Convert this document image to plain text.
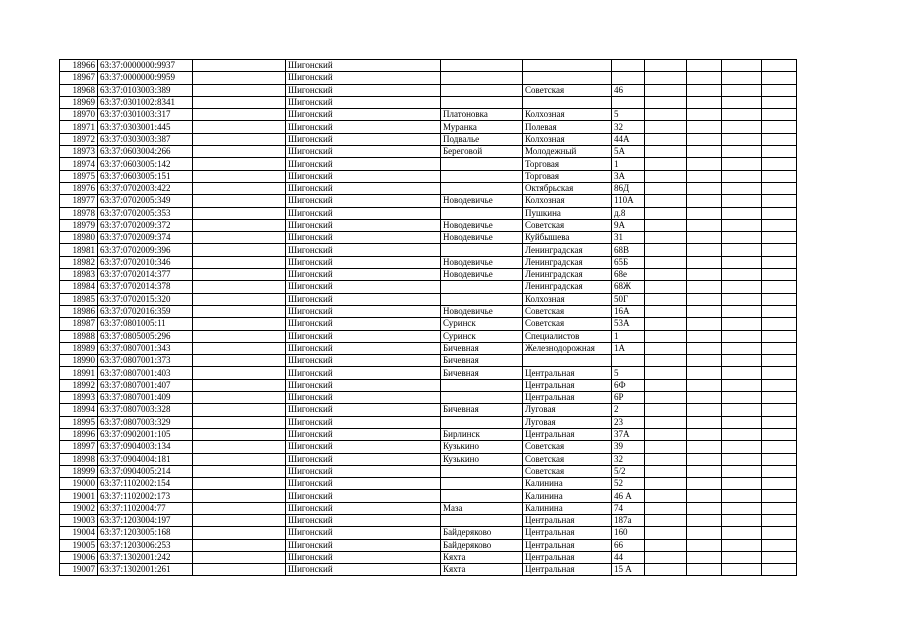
18966	63:37:0000000:9937		Шигонский							
18967	63:37:0000000:9959		Шигонский							
18968	63:37:0103003:389		Шигонский		Советская	46				
18969	63:37:0301002:8341		Шигонский							
18970	63:37:0301003:317		Шигонский	Платоновка	Колхозная	5				
18971	63:37:0303001:445		Шигонский	Муранка	Полевая	32				
18972	63:37:0303003:387		Шигонский	Подвалье	Колхозная	44А				
18973	63:37:0603004:266		Шигонский	Береговой	Молодежный	5А				
18974	63:37:0603005:142		Шигонский		Торговая	1				
18975	63:37:0603005:151		Шигонский		Торговая	3А				
18976	63:37:0702003:422		Шигонский		Октябрьская	86Д				
18977	63:37:0702005:349		Шигонский	Новодевичье	Колхозная	110А				
18978	63:37:0702005:353		Шигонский		Пушкина	д.8				
18979	63:37:0702009:372		Шигонский	Новодевичье	Советская	9А				
18980	63:37:0702009:374		Шигонский	Новодевичье	Куйбышева	31				
18981	63:37:0702009:396		Шигонский		Ленинградская	68В				
18982	63:37:0702010:346		Шигонский	Новодевичье	Ленинградская	65Б				
18983	63:37:0702014:377		Шигонский	Новодевичье	Ленинградская	68е				
18984	63:37:0702014:378		Шигонский		Ленинградская	68Ж				
18985	63:37:0702015:320		Шигонский		Колхозная	50Г				
18986	63:37:0702016:359		Шигонский	Новодевичье	Советская	16А				
18987	63:37:0801005:11		Шигонский	Суринск	Советская	53А				
18988	63:37:0805005:296		Шигонский	Суринск	Специалистов	1				
18989	63:37:0807001:343		Шигонский	Бичевная	Железнодорожная	1А				
18990	63:37:0807001:373		Шигонский	Бичевная						
18991	63:37:0807001:403		Шигонский	Бичевная	Центральная	5				
18992	63:37:0807001:407		Шигонский		Центральная	6Ф				
18993	63:37:0807001:409		Шигонский		Центральная	6Р				
18994	63:37:0807003:328		Шигонский	Бичевная	Луговая	2				
18995	63:37:0807003:329		Шигонский		Луговая	23				
18996	63:37:0902001:105		Шигонский	Бирлинск	Центральная	37А				
18997	63:37:0904003:134		Шигонский	Кузькино	Советская	39				
18998	63:37:0904004:181		Шигонский	Кузькино	Советская	32				
18999	63:37:0904005:214		Шигонский		Советская	5/2				
19000	63:37:1102002:154		Шигонский		Калинина	52				
19001	63:37:1102002:173		Шигонский		Калинина	46 А				
19002	63:37:1102004:77		Шигонский	Маза	Калинина	74				
19003	63:37:1203004:197		Шигонский		Центральная	187а				
19004	63:37:1203005:168		Шигонский	Байдеряково	Центральная	160				
19005	63:37:1203006:253		Шигонский	Байдеряково	Центральная	66				
19006	63:37:1302001:242		Шигонский	Кяхта	Центральная	44				
19007	63:37:1302001:261		Шигонский	Кяхта	Центральная	15 А				
